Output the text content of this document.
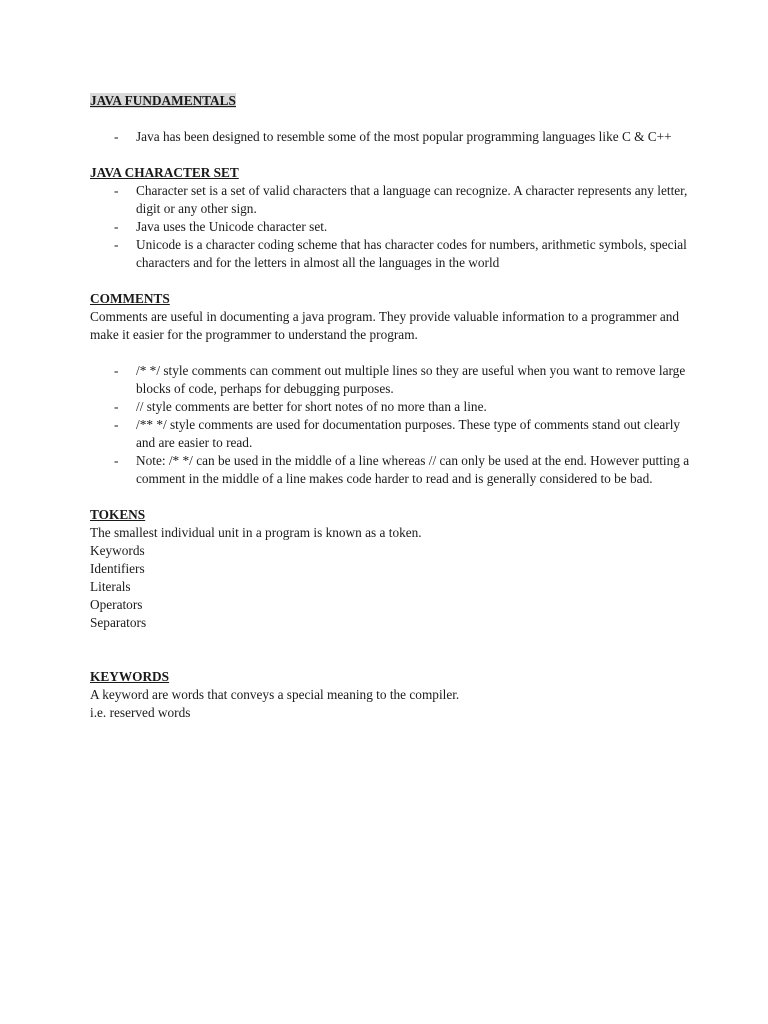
JAVA FUNDAMENTALS

- Java has been designed to resemble some of the most popular programming languages like C & C++

JAVA CHARACTER SET

- Character set is a set of valid characters that a language can recognize. A character represents any letter, digit or any other sign.
- Java uses the Unicode character set.
- Unicode is a character coding scheme that has character codes for numbers, arithmetic symbols, special characters and for the letters in almost all the languages in the world

COMMENTS

Comments are useful in documenting a java program. They provide valuable information to a programmer and make it easier for the programmer to understand the program.

- /* */ style comments can comment out multiple lines so they are useful when you want to remove large blocks of code, perhaps for debugging purposes.
- // style comments are better for short notes of no more than a line.
- /** */ style comments are used for documentation purposes. These type of comments stand out clearly and are easier to read.
- Note: /* */ can be used in the middle of a line whereas // can only be used at the end. However putting a comment in the middle of a line makes code harder to read and is generally considered to be bad.

TOKENS

The smallest individual unit in a program is known as a token.

Keywords
Identifiers
Literals
Operators
Separators

KEYWORDS

A keyword are words that conveys a special meaning to the compiler.

i.e. reserved words
